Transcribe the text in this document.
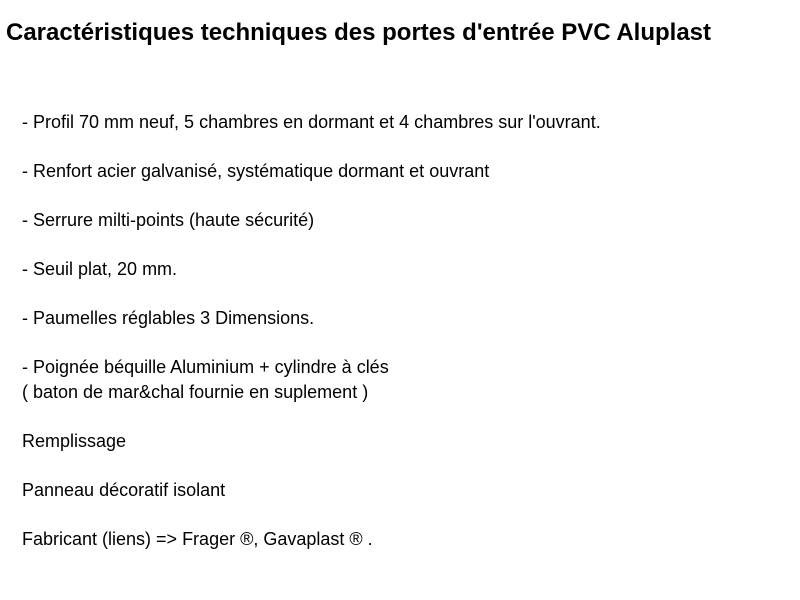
Caractéristiques techniques des portes d'entrée PVC Aluplast

- Profil 70 mm neuf, 5 chambres en dormant et 4 chambres sur l'ouvrant.

- Renfort acier galvanisé, systématique dormant et ouvrant

- Serrure milti-points (haute sécurité)

- Seuil plat, 20 mm.

- Paumelles réglables 3 Dimensions.

- Poignée béquille Aluminium + cylindre à clés
( baton de mar&chal fournie en suplement )

Remplissage

Panneau décoratif isolant

Fabricant (liens) => Frager ®, Gavaplast ® .
